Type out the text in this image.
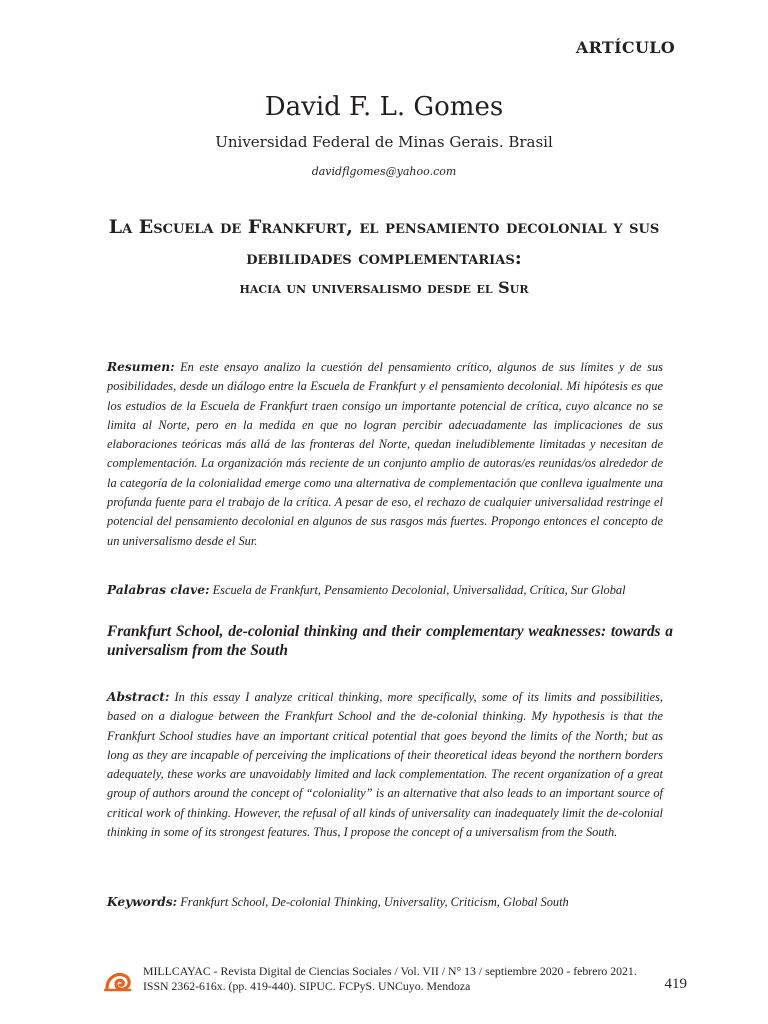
ARTÍCULO

David F. L. Gomes

Universidad Federal de Minas Gerais. Brasil

davidflgomes@yahoo.com

La Escuela de Frankfurt, el pensamiento decolonial y sus debilidades complementarias:
hacia un universalismo desde el Sur

Resumen: En este ensayo analizo la cuestión del pensamiento crítico, algunos de sus límites y de sus posibilidades, desde un diálogo entre la Escuela de Frankfurt y el pensamiento decolonial. Mi hipótesis es que los estudios de la Escuela de Frankfurt traen consigo un importante potencial de crítica, cuyo alcance no se limita al Norte, pero en la medida en que no logran percibir adecuadamente las implicaciones de sus elaboraciones teóricas más allá de las fronteras del Norte, quedan ineludiblemente limitadas y necesitan de complementación. La organización más reciente de un conjunto amplio de autoras/es reunidas/os alrededor de la categoría de la colonialidad emerge como una alternativa de complementación que conlleva igualmente una profunda fuente para el trabajo de la crítica. A pesar de eso, el rechazo de cualquier universalidad restringe el potencial del pensamiento decolonial en algunos de sus rasgos más fuertes. Propongo entonces el concepto de un universalismo desde el Sur.

Palabras clave: Escuela de Frankfurt, Pensamiento Decolonial, Universalidad, Crítica, Sur Global

Frankfurt School, de-colonial thinking and their complementary weaknesses: towards a universalism from the South

Abstract: In this essay I analyze critical thinking, more specifically, some of its limits and possibilities, based on a dialogue between the Frankfurt School and the de-colonial thinking. My hypothesis is that the Frankfurt School studies have an important critical potential that goes beyond the limits of the North; but as long as they are incapable of perceiving the implications of their theoretical ideas beyond the northern borders adequately, these works are unavoidably limited and lack complementation. The recent organization of a great group of authors around the concept of “coloniality” is an alternative that also leads to an important source of critical work of thinking. However, the refusal of all kinds of universality can inadequately limit the de-colonial thinking in some of its strongest features. Thus, I propose the concept of a universalism from the South.

Keywords: Frankfurt School, De-colonial Thinking, Universality, Criticism, Global South

MILLCAYAC - Revista Digital de Ciencias Sociales / Vol. VII / N° 13 / septiembre 2020 - febrero 2021.
ISSN 2362-616x. (pp. 419-440). SIPUC. FCPyS. UNCuyo. Mendoza	419
